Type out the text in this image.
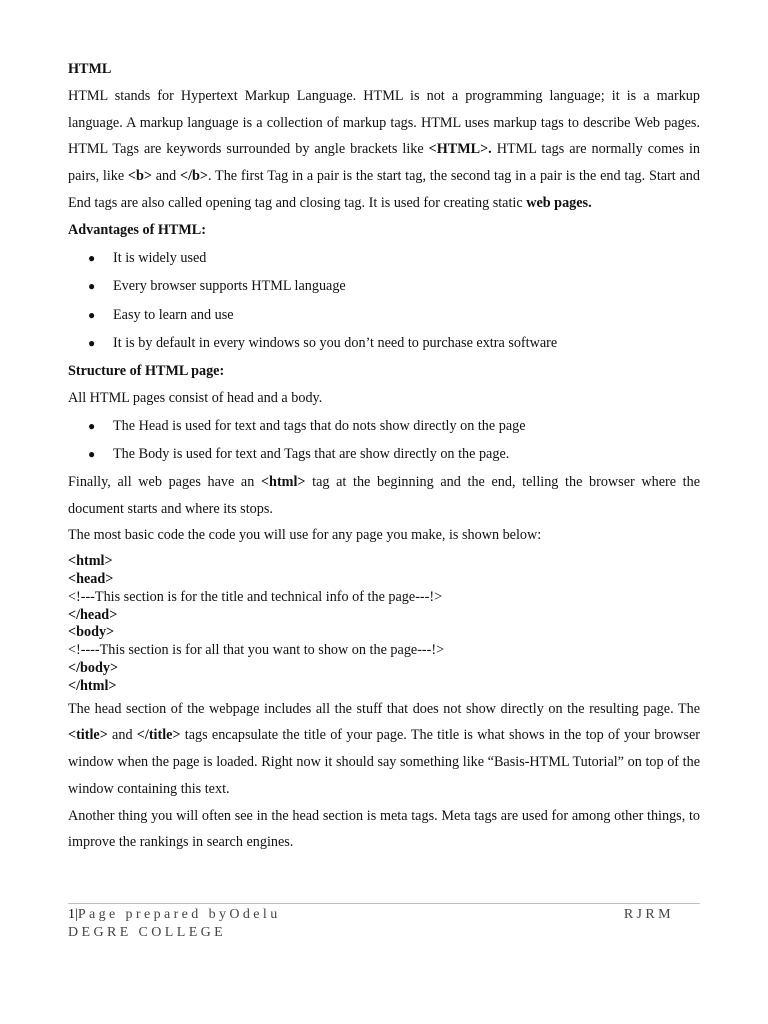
HTML

HTML stands for Hypertext Markup Language. HTML is not a programming language; it is a markup language. A markup language is a collection of markup tags. HTML uses markup tags to describe Web pages. HTML Tags are keywords surrounded by angle brackets like <HTML>. HTML tags are normally comes in pairs, like <b> and </b>. The first Tag in a pair is the start tag, the second tag in a pair is the end tag. Start and End tags are also called opening tag and closing tag. It is used for creating static web pages.

Advantages of HTML:

● It is widely used
● Every browser supports HTML language
● Easy to learn and use
● It is by default in every windows so you don’t need to purchase extra software

Structure of HTML page:

All HTML pages consist of head and a body.

● The Head is used for text and tags that do nots show directly on the page
● The Body is used for text and Tags that are show directly on the page.

Finally, all web pages have an <html> tag at the beginning and the end, telling the browser where the document starts and where its stops.

The most basic code the code you will use for any page you make, is shown below:

<html>
<head>
<!---This section is for the title and technical info of the page---!>
</head>
<body>
<!----This section is for all that you want to show on the page---!>
</body>
</html>

The head section of the webpage includes all the stuff that does not show directly on the resulting page. The <title> and </title> tags encapsulate the title of your page. The title is what shows in the top of your browser window when the page is loaded. Right now it should say something like “Basis-HTML Tutorial” on top of the window containing this text.

Another thing you will often see in the head section is meta tags. Meta tags are used for among other things, to improve the rankings in search engines.

1|Page prepared byOdelu	RJRM
DEGRE COLLEGE
